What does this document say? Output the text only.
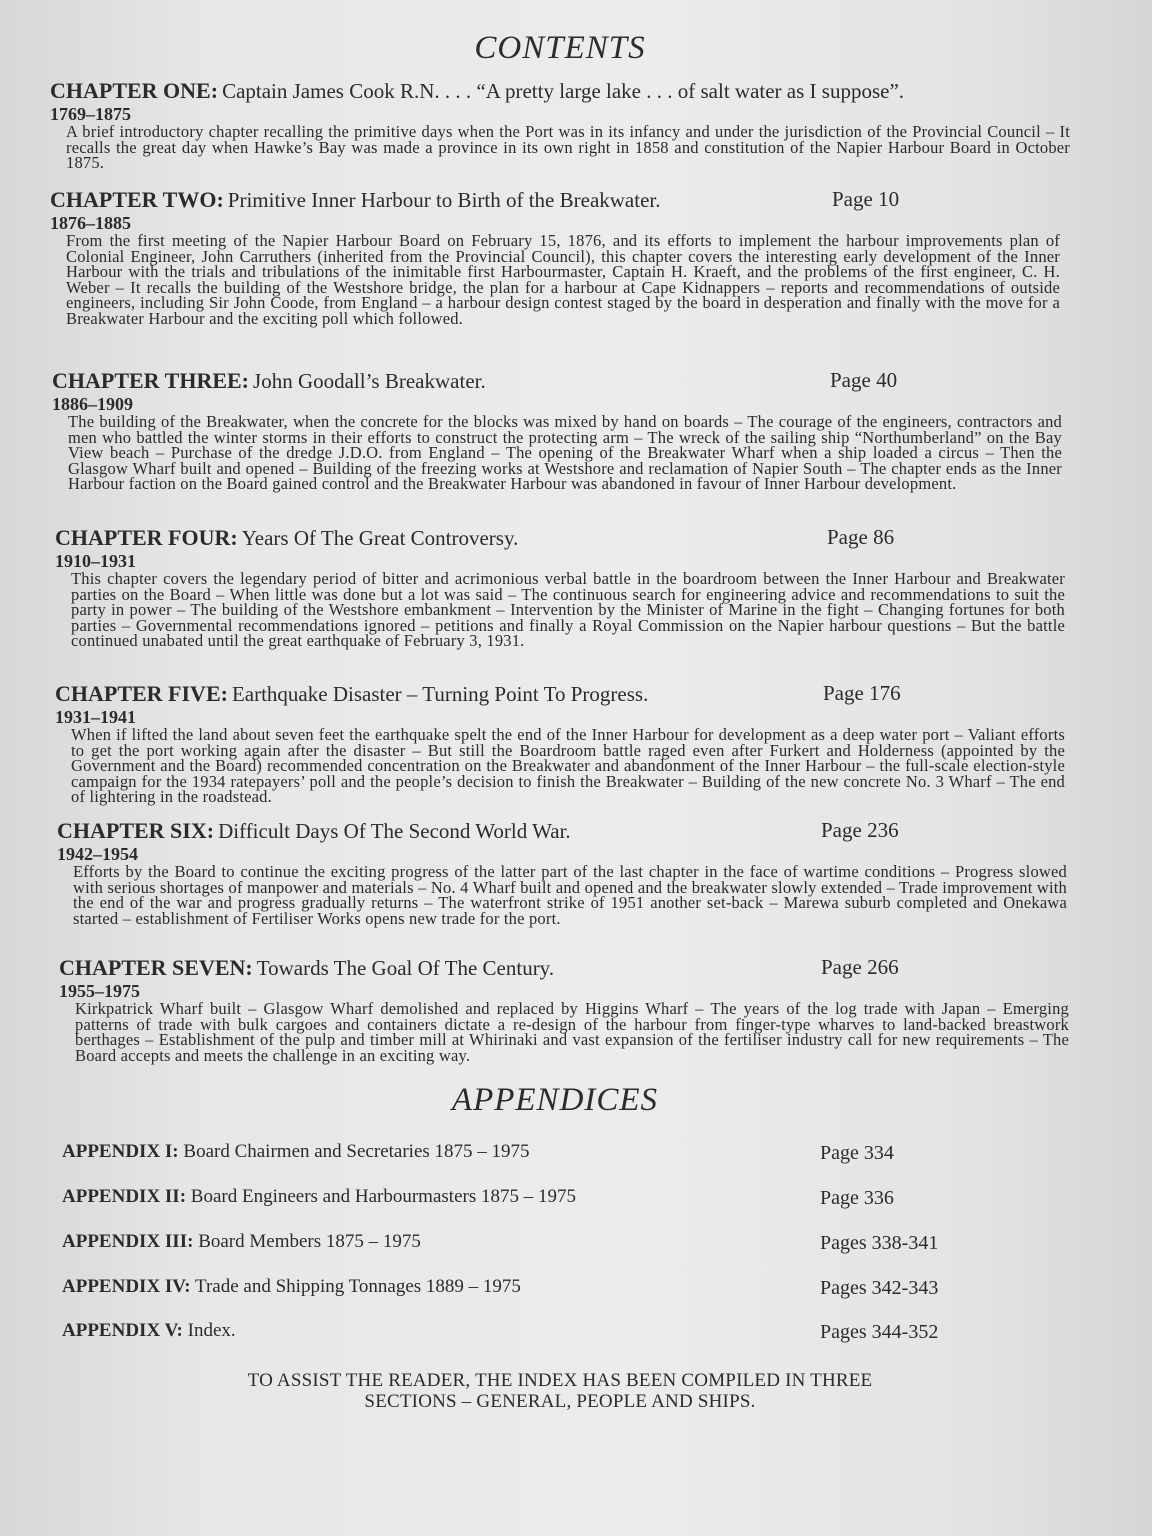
CONTENTS
CHAPTER ONE: Captain James Cook R.N. . . . “A pretty large lake . . . of salt water as I suppose”.
1769–1875
A brief introductory chapter recalling the primitive days when the Port was in its infancy and under the jurisdiction of the Provincial Council – It recalls the great day when Hawke’s Bay was made a province in its own right in 1858 and constitution of the Napier Harbour Board in October 1875.
CHAPTER TWO: Primitive Inner Harbour to Birth of the Breakwater.	Page 10
1876–1885
From the first meeting of the Napier Harbour Board on February 15, 1876, and its efforts to implement the harbour improvements plan of Colonial Engineer, John Carruthers (inherited from the Provincial Council), this chapter covers the interesting early development of the Inner Harbour with the trials and tribulations of the inimitable first Harbourmaster, Captain H. Kraeft, and the problems of the first engineer, C. H. Weber – It recalls the building of the Westshore bridge, the plan for a harbour at Cape Kidnappers – reports and recommendations of outside engineers, including Sir John Coode, from England – a harbour design contest staged by the board in desperation and finally with the move for a Breakwater Harbour and the exciting poll which followed.
CHAPTER THREE: John Goodall’s Breakwater.	Page 40
1886–1909
The building of the Breakwater, when the concrete for the blocks was mixed by hand on boards – The courage of the engineers, contractors and men who battled the winter storms in their efforts to construct the protecting arm – The wreck of the sailing ship “Northumberland” on the Bay View beach – Purchase of the dredge J.D.O. from England – The opening of the Breakwater Wharf when a ship loaded a circus – Then the Glasgow Wharf built and opened – Building of the freezing works at Westshore and reclamation of Napier South – The chapter ends as the Inner Harbour faction on the Board gained control and the Breakwater Harbour was abandoned in favour of Inner Harbour development.
CHAPTER FOUR: Years Of The Great Controversy.	Page 86
1910–1931
This chapter covers the legendary period of bitter and acrimonious verbal battle in the boardroom between the Inner Harbour and Breakwater parties on the Board – When little was done but a lot was said – The continuous search for engineering advice and recommendations to suit the party in power – The building of the Westshore embankment – Intervention by the Minister of Marine in the fight – Changing fortunes for both parties – Governmental recommendations ignored – petitions and finally a Royal Commission on the Napier harbour questions – But the battle continued unabated until the great earthquake of February 3, 1931.
CHAPTER FIVE: Earthquake Disaster – Turning Point To Progress.	Page 176
1931–1941
When if lifted the land about seven feet the earthquake spelt the end of the Inner Harbour for development as a deep water port – Valiant efforts to get the port working again after the disaster – But still the Boardroom battle raged even after Furkert and Holderness (appointed by the Government and the Board) recommended concentration on the Breakwater and abandonment of the Inner Harbour – the full-scale election-style campaign for the 1934 ratepayers’ poll and the people’s decision to finish the Breakwater – Building of the new concrete No. 3 Wharf – The end of lightering in the roadstead.
CHAPTER SIX: Difficult Days Of The Second World War.	Page 236
1942–1954
Efforts by the Board to continue the exciting progress of the latter part of the last chapter in the face of wartime conditions – Progress slowed with serious shortages of manpower and materials – No. 4 Wharf built and opened and the breakwater slowly extended – Trade improvement with the end of the war and progress gradually returns – The waterfront strike of 1951 another set-back – Marewa suburb completed and Onekawa started – establishment of Fertiliser Works opens new trade for the port.
CHAPTER SEVEN: Towards The Goal Of The Century.	Page 266
1955–1975
Kirkpatrick Wharf built – Glasgow Wharf demolished and replaced by Higgins Wharf – The years of the log trade with Japan – Emerging patterns of trade with bulk cargoes and containers dictate a re-design of the harbour from finger-type wharves to land-backed breastwork berthages – Establishment of the pulp and timber mill at Whirinaki and vast expansion of the fertiliser industry call for new requirements – The Board accepts and meets the challenge in an exciting way.
APPENDICES
APPENDIX I: Board Chairmen and Secretaries 1875 – 1975	Page 334
APPENDIX II: Board Engineers and Harbourmasters 1875 – 1975	Page 336
APPENDIX III: Board Members 1875 – 1975	Pages 338-341
APPENDIX IV: Trade and Shipping Tonnages 1889 – 1975	Pages 342-343
APPENDIX V: Index.	Pages 344-352
TO ASSIST THE READER, THE INDEX HAS BEEN COMPILED IN THREE
SECTIONS – GENERAL, PEOPLE AND SHIPS.
